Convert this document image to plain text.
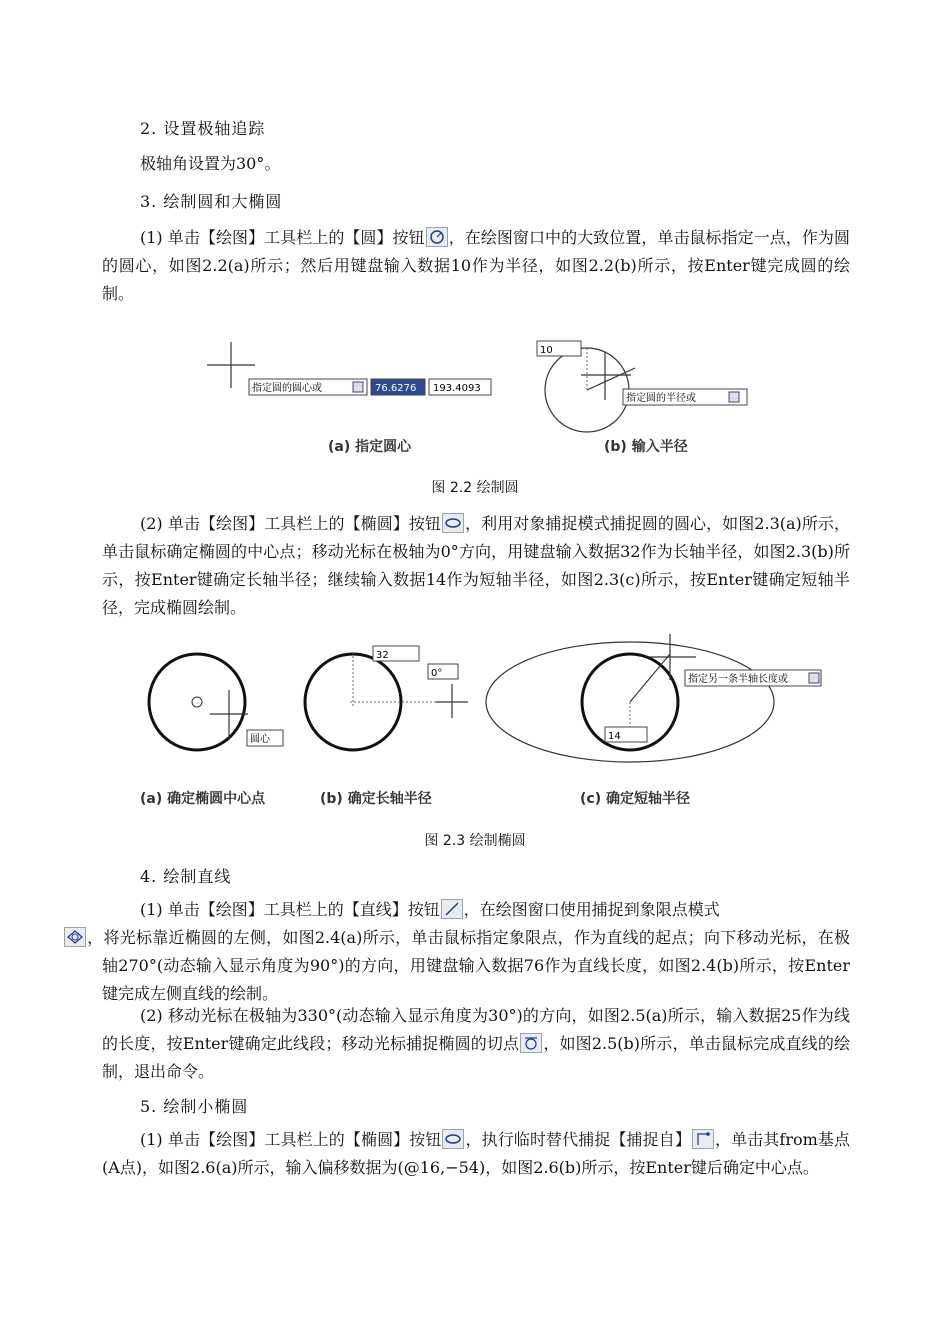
2. 设置极轴追踪
极轴角设置为30°。
3. 绘制圆和大椭圆
(1) 单击【绘图】工具栏上的【圆】按钮 ，在绘图窗口中的大致位置，单击鼠标指定一点，作为圆的圆心，如图2.2(a)所示；然后用键盘输入数据10作为半径，如图2.2(b)所示，按Enter键完成圆的绘制。
指定圆的圆心或	76.6276 193.4093
10
指定圆的半径或
(a) 指定圆心	(b) 输入半径
图 2.2 绘制圆
(2) 单击【绘图】工具栏上的【椭圆】按钮 ，利用对象捕捉模式捕捉圆的圆心，如图2.3(a)所示，单击鼠标确定椭圆的中心点；移动光标在极轴为0°方向，用键盘输入数据32作为长轴半径，如图2.3(b)所示，按Enter键确定长轴半径；继续输入数据14作为短轴半径，如图2.3(c)所示，按Enter键确定短轴半径，完成椭圆绘制。
圆心
32
0°
指定另一条半轴长度或
14
(a) 确定椭圆中心点	(b) 确定长轴半径	(c) 确定短轴半径
图 2.3 绘制椭圆
4. 绘制直线
(1) 单击【绘图】工具栏上的【直线】按钮 ，在绘图窗口使用捕捉到象限点模式

，将光标靠近椭圆的左侧，如图2.4(a)所示，单击鼠标指定象限点，作为直线的起点；向下移动光标，在极轴270°(动态输入显示角度为90°)的方向，用键盘输入数据76作为直线长度，如图2.4(b)所示，按Enter键完成左侧直线的绘制。
(2) 移动光标在极轴为330°(动态输入显示角度为30°)的方向，如图2.5(a)所示，输入数据25作为线的长度，按Enter键确定此线段；移动光标捕捉椭圆的切点 ，如图2.5(b)所示，单击鼠标完成直线的绘制，退出命令。
5. 绘制小椭圆
(1) 单击【绘图】工具栏上的【椭圆】按钮 ，执行临时替代捕捉【捕捉自】 ，单击其from基点(A点)，如图2.6(a)所示，输入偏移数据为(@16,−54)，如图2.6(b)所示，按Enter键后确定中心点。
